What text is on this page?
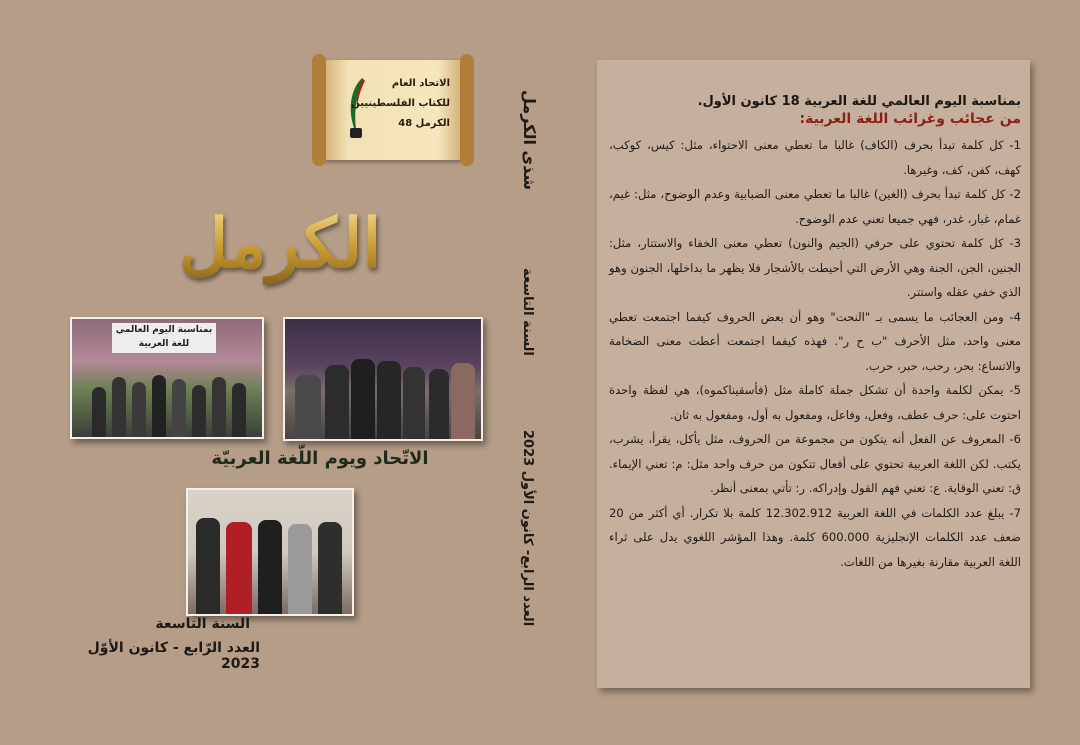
الاتحاد العام
للكتاب الفلسطينيين
الكرمل 48
الكرمل
بمناسبة اليوم العالمي للغة العربية
الاتّحاد ويوم اللّغة العربيّة
السنة التاسعة
العدد الرّابع - كانون الأوّل 2023
شذى الكرمل
السنة التاسعة
العدد الرابع- كانون الأول 2023
بمناسبة اليوم العالمي للغة العربية 18 كانون الأول.
من عجائب وغرائب اللغة العربية:

1- كل كلمة تبدأ بحرف (الكاف) غالبا ما تعطي معنى الاحتواء، مثل: كيس، كوكب، كهف، كفن، كف، وغيرها.

2- كل كلمة تبدأ بحرف (الغين) غالبا ما تعطي معنى الضبابية وعدم الوضوح، مثل: غيم، غمام، غبار، غدر، فهي جميعا تعني عدم الوضوح.

3- كل كلمة تحتوي على حرفي (الجيم والنون) تعطي معنى الخفاء والاستتار، مثل: الجنين، الجن، الجنة وهي الأرض التي أحيطت بالأشجار فلا يظهر ما بداخلها، الجنون وهو الذي خفي عقله واستتر.

4- ومن العجائب ما يسمى بـ "النحت" وهو أن بعض الحروف كيفما اجتمعت تعطي معنى واحد، مثل الأحرف "ب ح ر". فهذه كيفما اجتمعت أعطت معنى الضخامة والاتساع: بحر، رحب، حبر، حرب.

5- يمكن لكلمة واحدة أن تشكل جملة كاملة مثل (فأسقيناكموه)، هي لفظة واحدة احتوت على: حرف عطف، وفعل، وفاعل، ومفعول به أول، ومفعول به ثان.

6- المعروف عن الفعل أنه يتكون من مجموعة من الحروف، مثل يأكل، يقرأ، يشرب، يكتب. لكن اللغة العربية تحتوي على أفعال تتكون من حرف واحد مثل: م: تعني الإيماء. ق: تعني الوقاية. ع: تعني فهم القول وإدراكه. ر: تأتي بمعنى أنظر.

7- يبلغ عدد الكلمات في اللغة العربية 12.302.912 كلمة بلا تكرار. أي أكثر من 20 ضعف عدد الكلمات الإنجليزية 600.000 كلمة. وهذا المؤشر اللغوي يدل على ثراء اللغة العربية مقارنة بغيرها من اللغات.
